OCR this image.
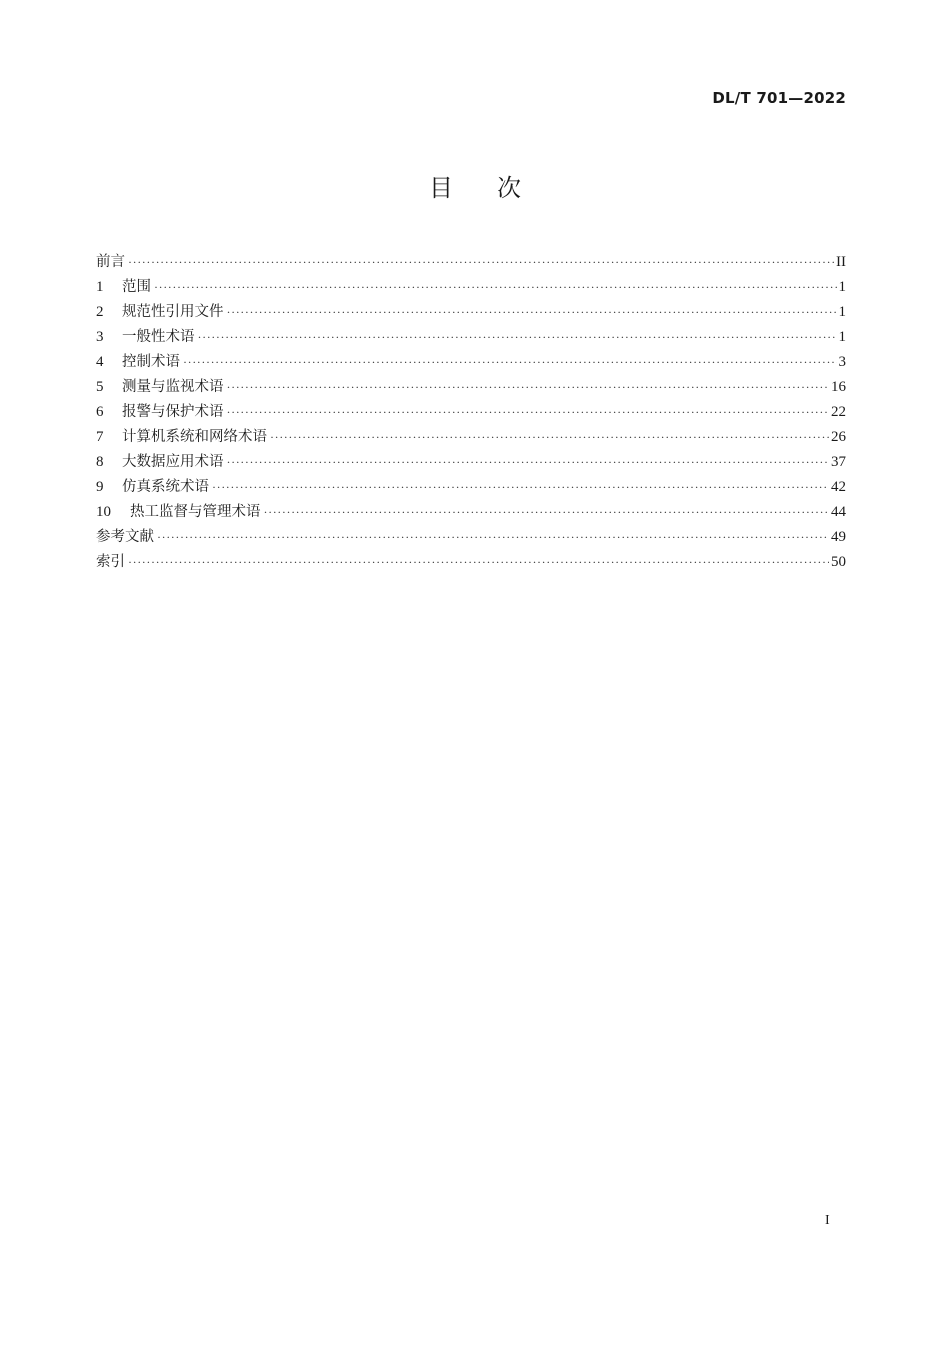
DL/T 701—2022
目 次
前言 ·····	II
1	范围 ·····	1
2	规范性引用文件 ·····	1
3	一般性术语 ·····	1
4	控制术语 ·····	3
5	测量与监视术语 ·····	16
6	报警与保护术语 ·····	22
7	计算机系统和网络术语 ·····	26
8	大数据应用术语 ·····	37
9	仿真系统术语 ·····	42
10	热工监督与管理术语 ·····	44
参考文献 ·····	49
索引 ·····	50
I
